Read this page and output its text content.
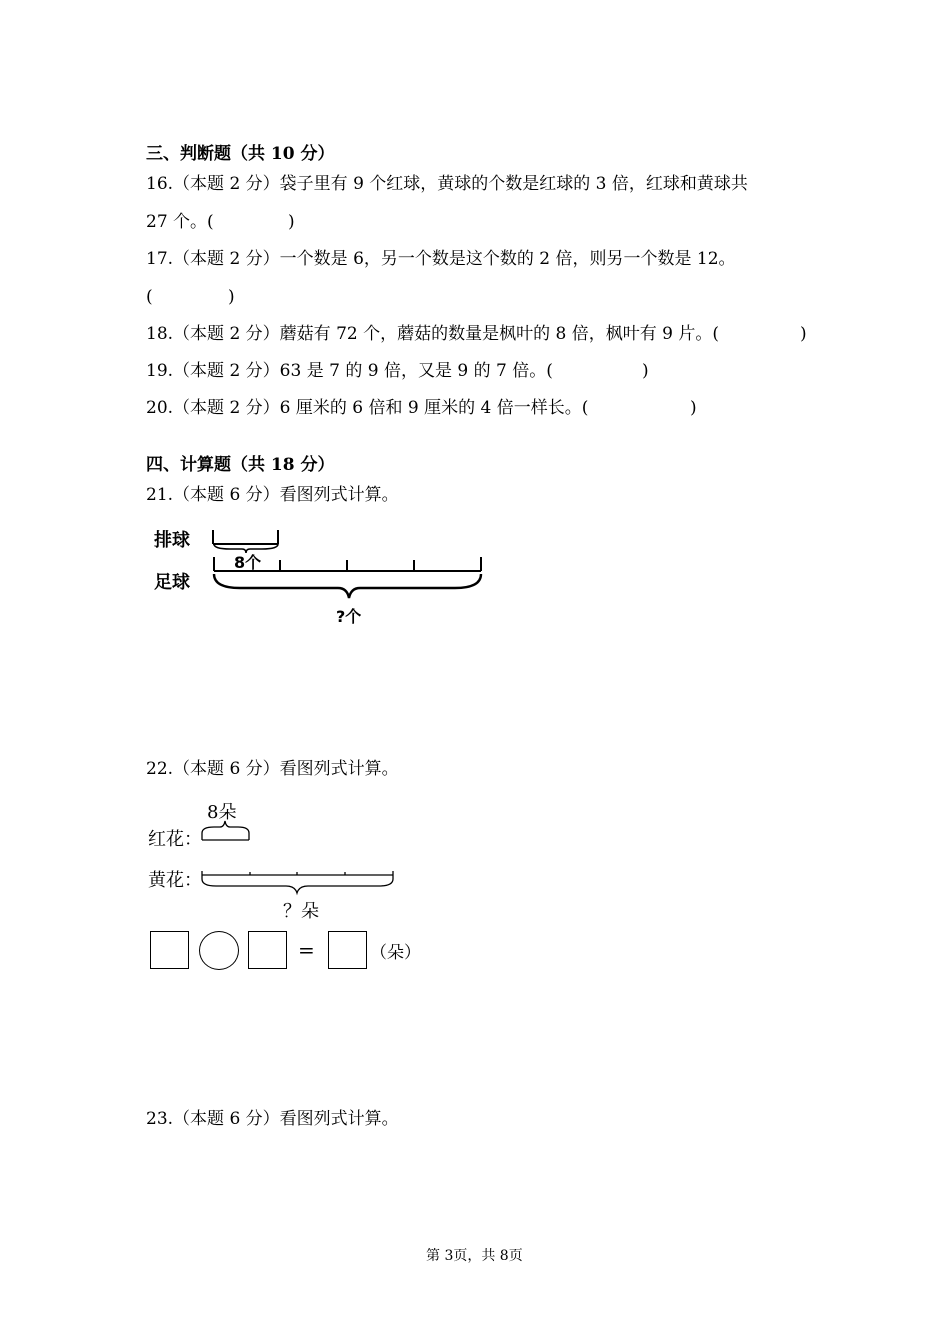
三、判断题（共 10 分）
16.（本题 2 分）袋子里有 9 个红球，黄球的个数是红球的 3 倍，红球和黄球共
27 个。(	)
17.（本题 2 分）一个数是 6，另一个数是这个数的 2 倍，则另一个数是 12。
(	)
18.（本题 2 分）蘑菇有 72 个，蘑菇的数量是枫叶的 8 倍，枫叶有 9 片。(	)
19.（本题 2 分）63 是 7 的 9 倍，又是 9 的 7 倍。(	)
20.（本题 2 分）6 厘米的 6 倍和 9 厘米的 4 倍一样长。(	)
四、计算题（共 18 分）
21.（本题 6 分）看图列式计算。
排球
足球
8个
?个
22.（本题 6 分）看图列式计算。
8朵
红花：
黄花：
？朵
=	（朵）
23.（本题 6 分）看图列式计算。
第 3页，共 8页
